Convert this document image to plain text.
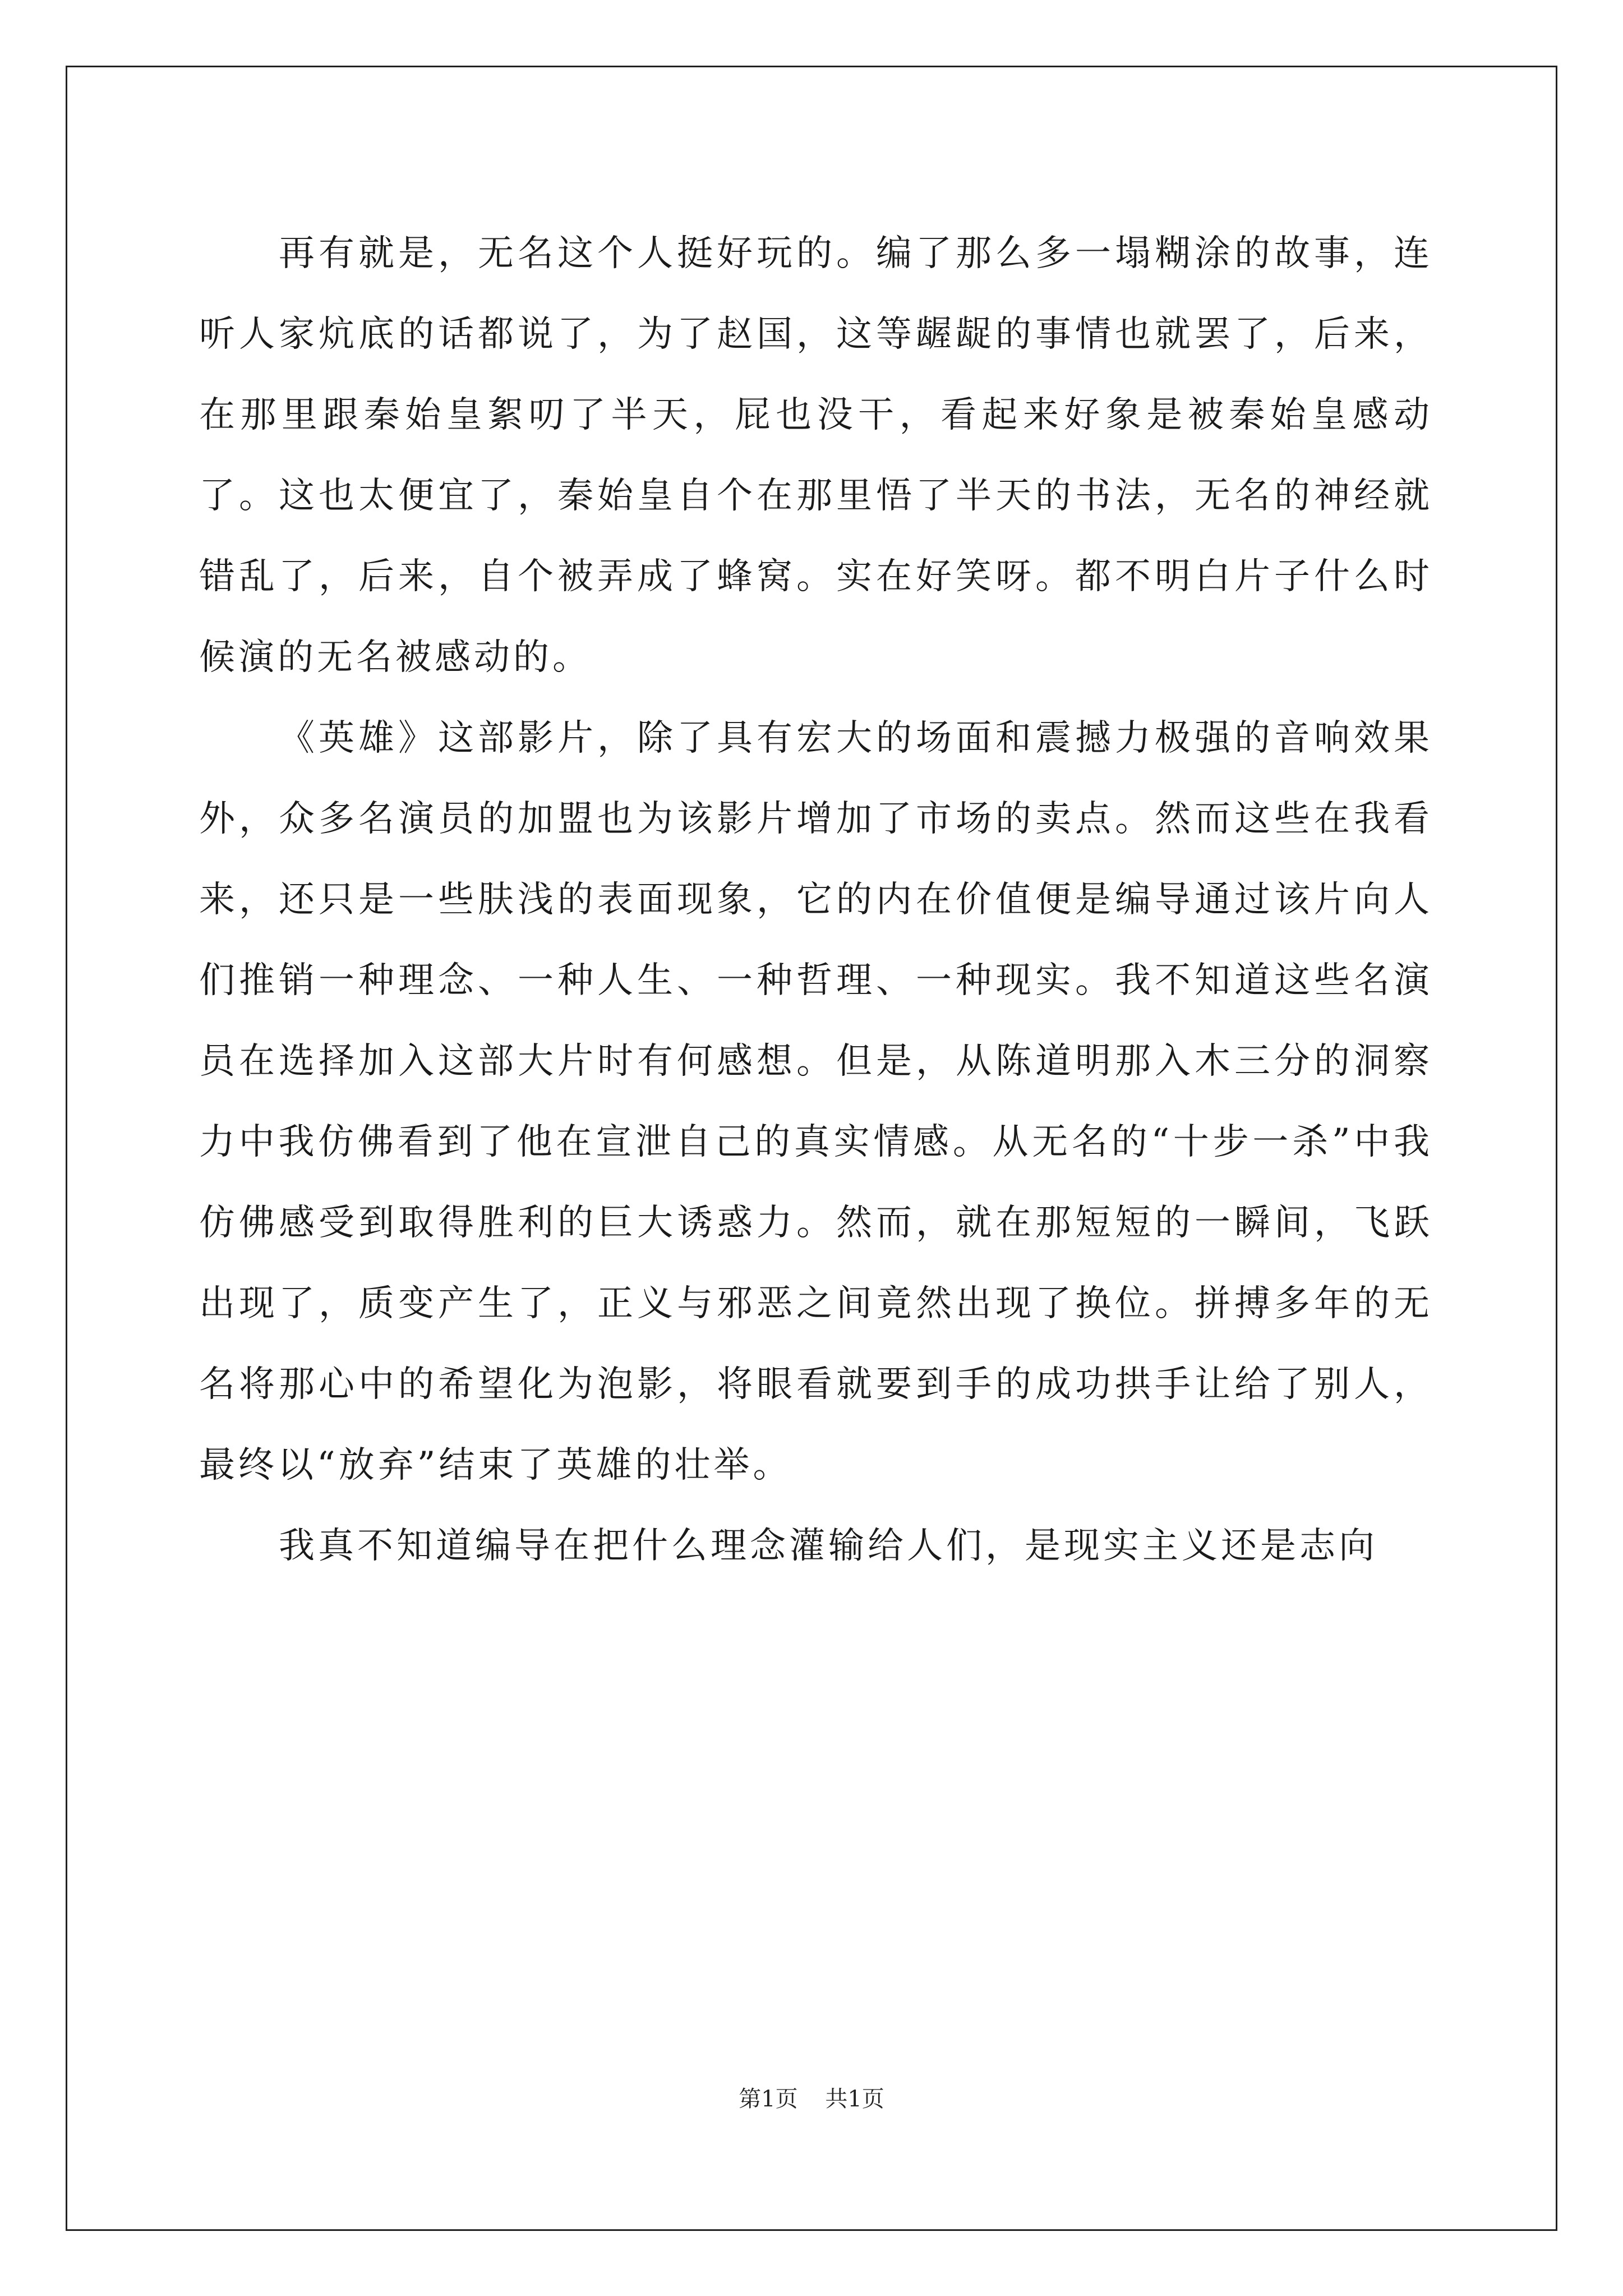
再有就是，无名这个人挺好玩的。编了那么多一塌糊涂的故事，连听人家炕底的话都说了，为了赵国，这等龌龊的事情也就罢了，后来，在那里跟秦始皇絮叨了半天，屁也没干，看起来好象是被秦始皇感动了。这也太便宜了，秦始皇自个在那里悟了半天的书法，无名的神经就错乱了，后来，自个被弄成了蜂窝。实在好笑呀。都不明白片子什么时候演的无名被感动的。

《英雄》这部影片，除了具有宏大的场面和震撼力极强的音响效果外，众多名演员的加盟也为该影片增加了市场的卖点。然而这些在我看来，还只是一些肤浅的表面现象，它的内在价值便是编导通过该片向人们推销一种理念、一种人生、一种哲理、一种现实。我不知道这些名演员在选择加入这部大片时有何感想。但是，从陈道明那入木三分的洞察力中我仿佛看到了他在宣泄自己的真实情感。从无名的“十步一杀”中我仿佛感受到取得胜利的巨大诱惑力。然而，就在那短短的一瞬间，飞跃出现了，质变产生了，正义与邪恶之间竟然出现了换位。拼搏多年的无名将那心中的希望化为泡影，将眼看就要到手的成功拱手让给了别人，最终以“放弃”结束了英雄的壮举。

我真不知道编导在把什么理念灌输给人们，是现实主义还是志向

第1页 共1页
